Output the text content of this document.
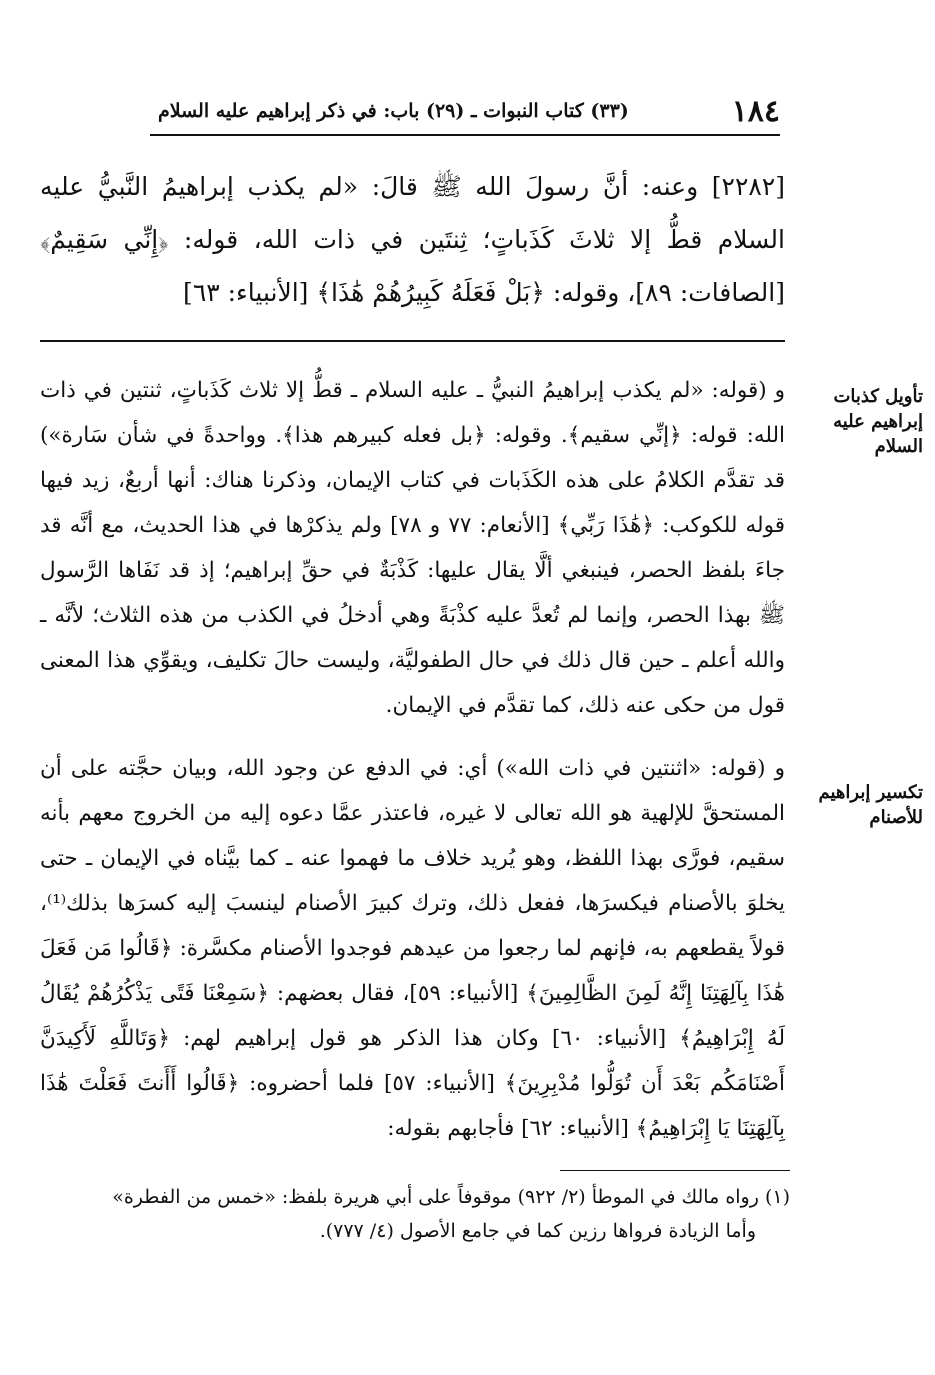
١٨٤
(٣٣) كتاب النبوات ـ (٢٩) باب: في ذكر إبراهيم عليه السلام
[٢٢٨٢] وعنه: أنَّ رسولَ الله ﷺ قالَ: «لم يكذب إبراهيمُ النَّبيُّ عليه السلام قطُّ إلا ثلاثَ كَذَباتٍ؛ ثِنتَين في ذات الله، قوله: ﴿إِنِّي سَقِيمٌ﴾ [الصافات: ٨٩]، وقوله: ﴿بَلْ فَعَلَهُ كَبِيرُهُمْ هَٰذَا﴾ [الأنبياء: ٦٣]
تأويل كذبات إبراهيم عليه السلام
و (قوله: «لم يكذب إبراهيمُ النبيُّ ـ عليه السلام ـ قطُّ إلا ثلاث كَذَباتٍ، ثنتين في ذات الله: قوله: ﴿إنِّي سقيم﴾. وقوله: ﴿بل فعله كبيرهم هذا﴾. وواحدةً في شأن سَارة») قد تقدَّم الكلامُ على هذه الكَذَبات في كتاب الإيمان، وذكرنا هناك: أنها أربعٌ، زيد فيها قوله للكوكب: ﴿هَٰذَا رَبِّي﴾ [الأنعام: ٧٧ و ٧٨] ولم يذكرْها في هذا الحديث، مع أنَّه قد جاءَ بلفظ الحصر، فينبغي ألَّا يقال عليها: كَذْبَةٌ في حقِّ إبراهيم؛ إذ قد نَفَاها الرَّسول ﷺ بهذا الحصر، وإنما لم تُعدَّ عليه كذْبَةً وهي أدخلُ في الكذب من هذه الثلاث؛ لأنَّه ـ والله أعلم ـ حين قال ذلك في حال الطفوليَّة، وليست حالَ تكليف، ويقوِّي هذا المعنى قول من حكى عنه ذلك، كما تقدَّم في الإيمان.
تكسير إبراهيم للأصنام
و (قوله: «اثنتين في ذات الله») أي: في الدفع عن وجود الله، وبيان حجَّته على أن المستحقَّ للإلهية هو الله تعالى لا غيره، فاعتذر عمَّا دعوه إليه من الخروج معهم بأنه سقيم، فورَّى بهذا اللفظ، وهو يُريد خلاف ما فهموا عنه ـ كما بيَّناه في الإيمان ـ حتى يخلوَ بالأصنام فيكسرَها، ففعل ذلك، وترك كبيرَ الأصنام لينسبَ إليه كسرَها بذلك⁽¹⁾، قولاً يقطعهم به، فإنهم لما رجعوا من عيدهم فوجدوا الأصنام مكسَّرة: ﴿قَالُوا مَن فَعَلَ هَٰذَا بِآلِهَتِنَا إِنَّهُ لَمِنَ الظَّالِمِينَ﴾ [الأنبياء: ٥٩]، فقال بعضهم: ﴿سَمِعْنَا فَتًى يَذْكُرُهُمْ يُقَالُ لَهُ إِبْرَاهِيمُ﴾ [الأنبياء: ٦٠] وكان هذا الذكر هو قول إبراهيم لهم: ﴿وَتَاللَّهِ لَأَكِيدَنَّ أَصْنَامَكُم بَعْدَ أَن تُوَلُّوا مُدْبِرِينَ﴾ [الأنبياء: ٥٧] فلما أحضروه: ﴿قَالُوا أَأَنتَ فَعَلْتَ هَٰذَا بِآلِهَتِنَا يَا إِبْرَاهِيمُ﴾ [الأنبياء: ٦٢] فأجابهم بقوله:
(١) رواه مالك في الموطأ (٢/ ٩٢٢) موقوفاً على أبي هريرة بلفظ: «خمس من الفطرة»
وأما الزيادة فرواها رزين كما في جامع الأصول (٤/ ٧٧٧).
